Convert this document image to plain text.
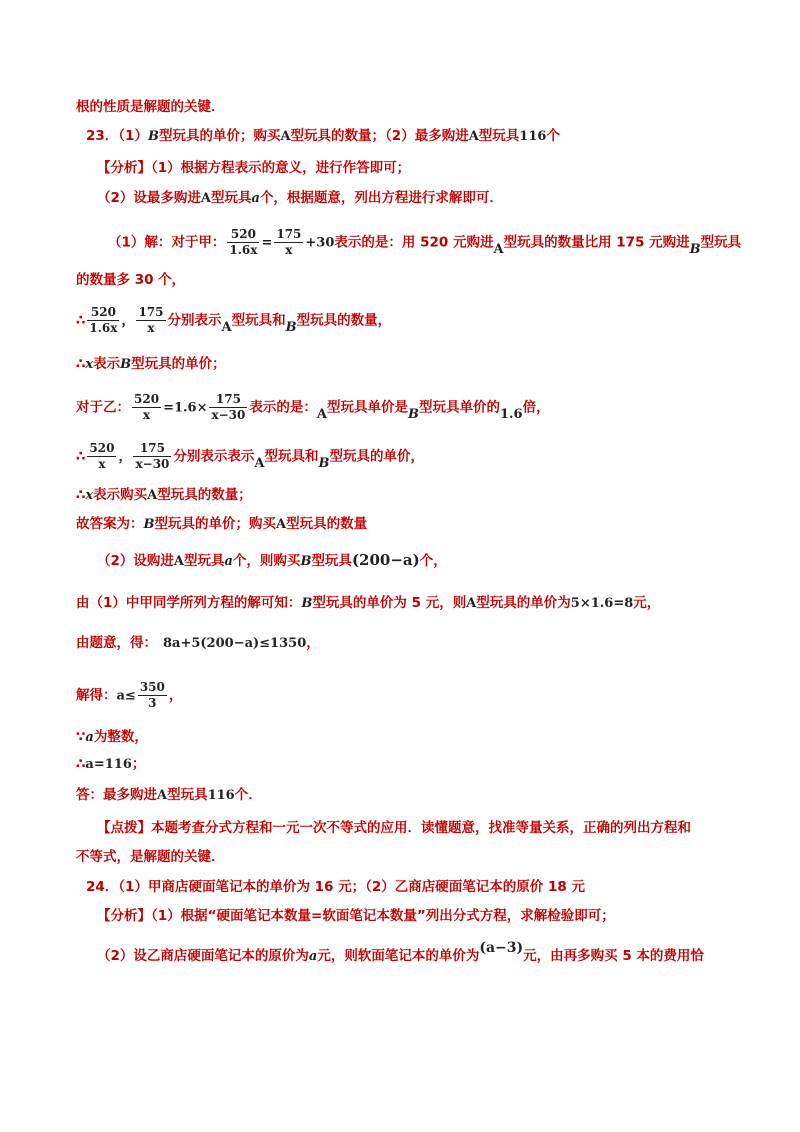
根的性质是解题的关键．
23．（1）B型玩具的单价；购买A型玩具的数量；（2）最多购进A型玩具116个
【分析】（1）根据方程表示的意义，进行作答即可；
（2）设最多购进A型玩具a个，根据题意，列出方程进行求解即可．
（1）解：对于甲： $\frac{520}{1.6x} = \frac{175}{x} +30$表示的是：用 520 元购进A型玩具的数量比用 175 元购进B型玩具
的数量多 30 个，
∴ $\frac{520}{1.6x}$ ， $\frac{175}{x}$ 分别表示A型玩具和B型玩具的数量，
∴x表示B型玩具的单价；
对于乙： $\frac{520}{x} =1.6\times \frac{175}{x-30}$ 表示的是：A型玩具单价是B型玩具单价的1.6倍，
∴ $\frac{520}{x}$ ， $\frac{175}{x-30}$ 分别表示表示A型玩具和B型玩具的单价，
∴x表示购买A型玩具的数量；
故答案为：B型玩具的单价；购买A型玩具的数量
（2）设购进A型玩具a个，则购买B型玩具(200−a)个，
由（1）中甲同学所列方程的解可知：B型玩具的单价为 5 元，则A型玩具的单价为5×1.6=8元，
由题意，得： 8a+5(200−a)≤1350，
解得：$a\le \frac{350}{3}$ ，
∵a为整数，
∴a=116；
答：最多购进A型玩具116个．
【点拨】本题考查分式方程和一元一次不等式的应用．读懂题意，找准等量关系，正确的列出方程和
不等式，是解题的关键．
24．（1）甲商店硬面笔记本的单价为 16 元；（2）乙商店硬面笔记本的原价 18 元
【分析】（1）根据“硬面笔记本数量=软面笔记本数量”列出分式方程，求解检验即可；
（2）设乙商店硬面笔记本的原价为a元，则软面笔记本的单价为(a−3)元，由再多购买 5 本的费用恰
